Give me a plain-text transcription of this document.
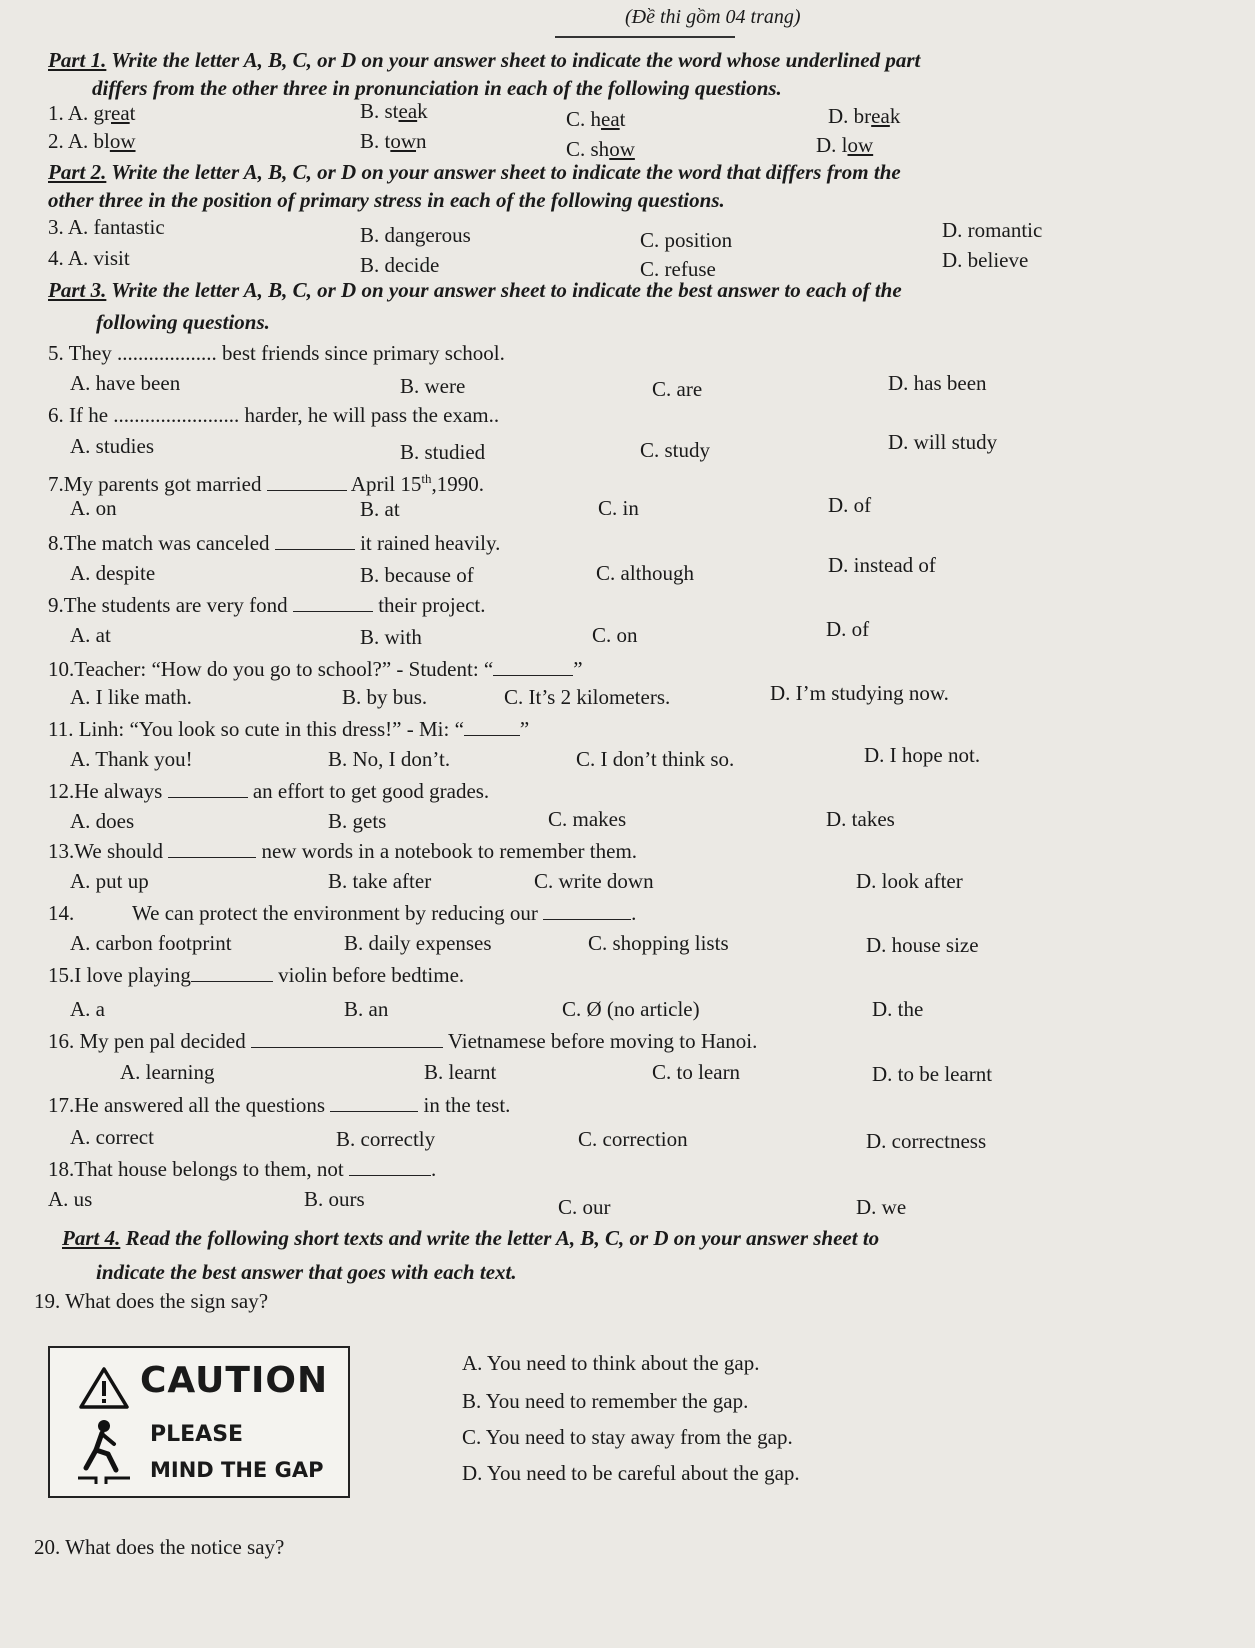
(Đề thi gồm 04 trang)
Part 1. Write the letter A, B, C, or D on your answer sheet to indicate the word whose underlined part
differs from the other three in pronunciation in each of the following questions.
1. A. great	B. steak	C. heat	D. break
2. A. blow	B. town	C. show	D. low
Part 2. Write the letter A, B, C, or D on your answer sheet to indicate the word that differs from the
other three in the position of primary stress in each of the following questions.
3. A. fantastic	B. dangerous	C. position	D. romantic
4. A. visit	B. decide	C. refuse	D. believe
Part 3. Write the letter A, B, C, or D on your answer sheet to indicate the best answer to each of the
following questions.
5. They ................... best friends since primary school.
A. have been	B. were	C. are	D. has been
6. If he ........................ harder, he will pass the exam..
A. studies	B. studied	C. study	D. will study
7.My parents got married	April 15th,1990.
A. on	B. at	C. in	D. of
8.The match was canceled	it rained heavily.
A. despite	B. because of	C. although	D. instead of
9.The students are very fond	their project.
A. at	B. with	C. on	D. of
10.Teacher: “How do you go to school?” - Student: “	”
A. I like math.	B. by bus.	C. It’s 2 kilometers.	D. I’m studying now.
11. Linh: “You look so cute in this dress!” - Mi: “	”
A. Thank you!	B. No, I don’t.	C. I don’t think so.	D. I hope not.
12.He always	an effort to get good grades.
A. does	B. gets	C. makes	D. takes
13.We should	new words in a notebook to remember them.
A. put up	B. take after	C. write down	D. look after
14.	We can protect the environment by reducing our	.
A. carbon footprint	B. daily expenses	C. shopping lists	D. house size
15.I love playing	violin before bedtime.
A. a	B. an	C. Ø (no article)	D. the
16. My pen pal decided	Vietnamese before moving to Hanoi.
A. learning	B. learnt	C. to learn	D. to be learnt
17.He answered all the questions	in the test.
A. correct	B. correctly	C. correction	D. correctness
18.That house belongs to them, not	.
A. us	B. ours	C. our	D. we
Part 4. Read the following short texts and write the letter A, B, C, or D on your answer sheet to
indicate the best answer that goes with each text.
19. What does the sign say?
CAUTION
PLEASE
MIND THE GAP
A. You need to think about the gap.
B. You need to remember the gap.
C. You need to stay away from the gap.
D. You need to be careful about the gap.
20. What does the notice say?
